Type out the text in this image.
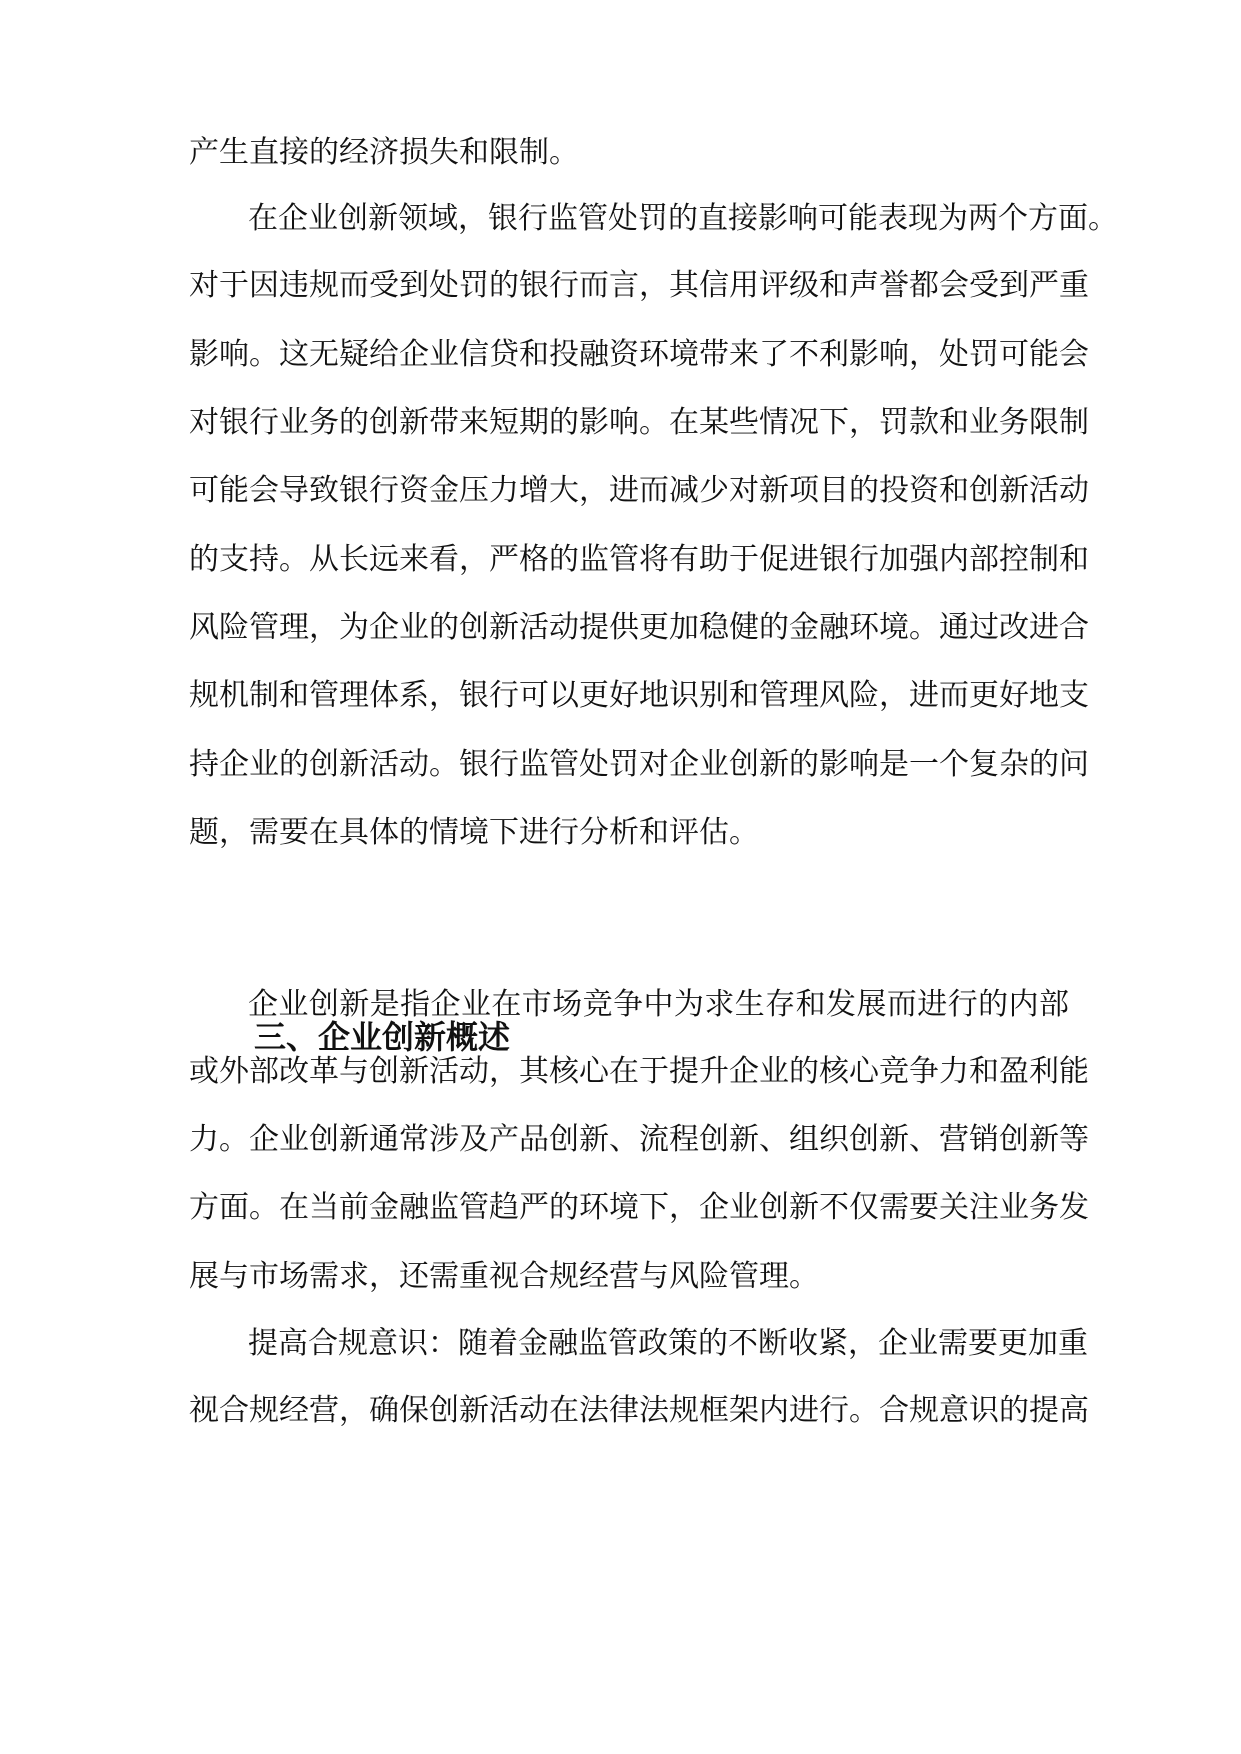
产生直接的经济损失和限制。
在企业创新领域，银行监管处罚的直接影响可能表现为两个方面。
对于因违规而受到处罚的银行而言，其信用评级和声誉都会受到严重
影响。这无疑给企业信贷和投融资环境带来了不利影响，处罚可能会
对银行业务的创新带来短期的影响。在某些情况下，罚款和业务限制
可能会导致银行资金压力增大，进而减少对新项目的投资和创新活动
的支持。从长远来看，严格的监管将有助于促进银行加强内部控制和
风险管理，为企业的创新活动提供更加稳健的金融环境。通过改进合
规机制和管理体系，银行可以更好地识别和管理风险，进而更好地支
持企业的创新活动。银行监管处罚对企业创新的影响是一个复杂的问
题，需要在具体的情境下进行分析和评估。
三、企业创新概述
企业创新是指企业在市场竞争中为求生存和发展而进行的内部
或外部改革与创新活动，其核心在于提升企业的核心竞争力和盈利能
力。企业创新通常涉及产品创新、流程创新、组织创新、营销创新等
方面。在当前金融监管趋严的环境下，企业创新不仅需要关注业务发
展与市场需求，还需重视合规经营与风险管理。
提高合规意识：随着金融监管政策的不断收紧，企业需要更加重
视合规经营，确保创新活动在法律法规框架内进行。合规意识的提高
